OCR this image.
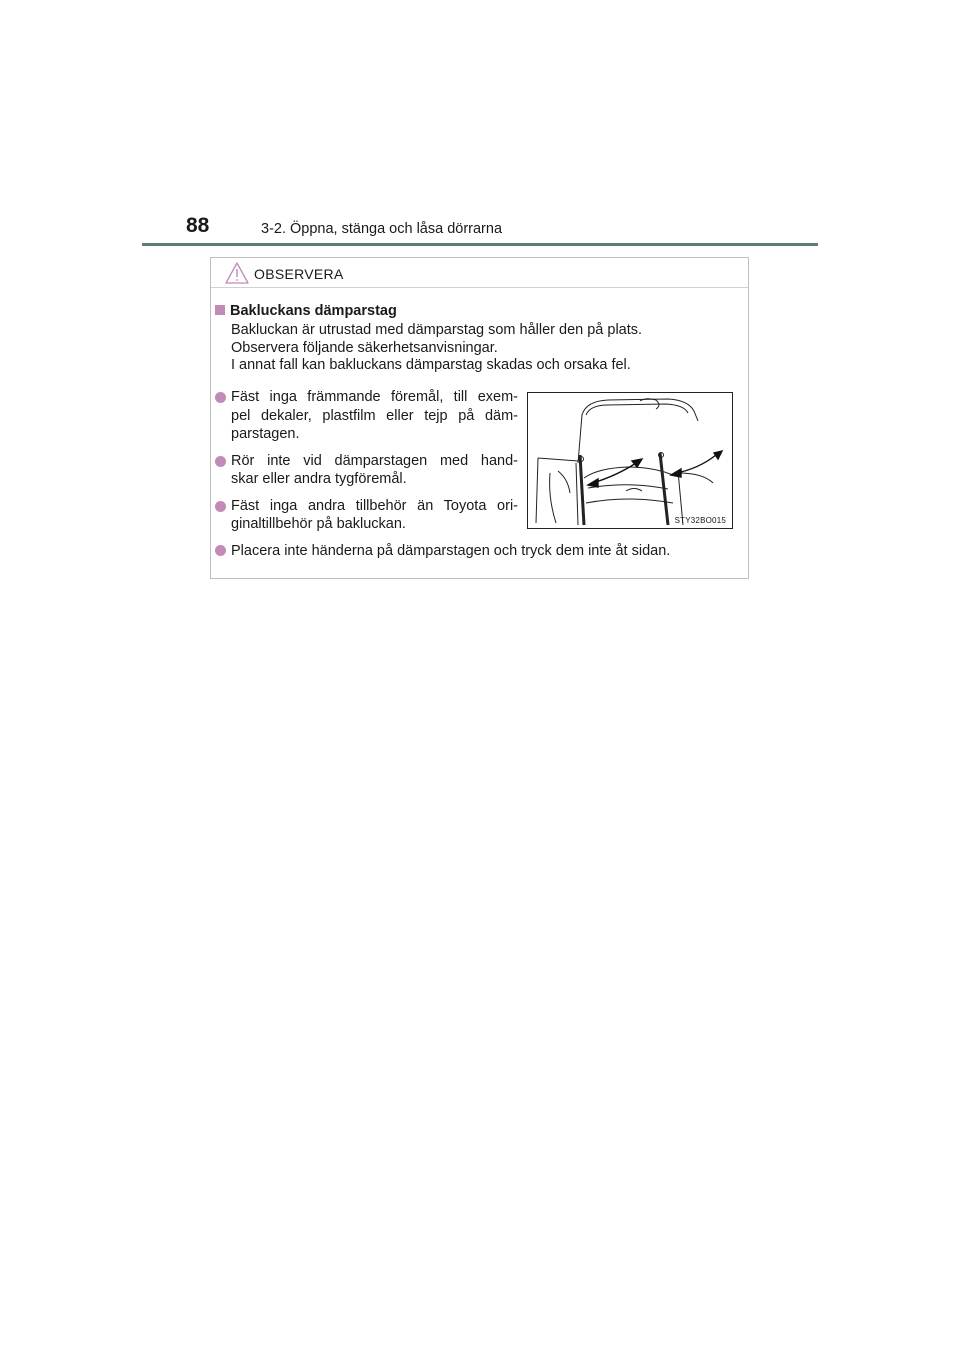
88	3-2. Öppna, stänga och låsa dörrarna
OBSERVERA
Bakluckans dämparstag
Bakluckan är utrustad med dämparstag som håller den på plats.
Observera följande säkerhetsanvisningar.
I annat fall kan bakluckans dämparstag skadas och orsaka fel.
Fäst inga främmande föremål, till exem-
pel dekaler, plastfilm eller tejp på däm-
parstagen.
Rör inte vid dämparstagen med hand-
skar eller andra tygföremål.
Fäst inga andra tillbehör än Toyota ori-
ginaltillbehör på bakluckan.	STY32BO015
Placera inte händerna på dämparstagen och tryck dem inte åt sidan.
